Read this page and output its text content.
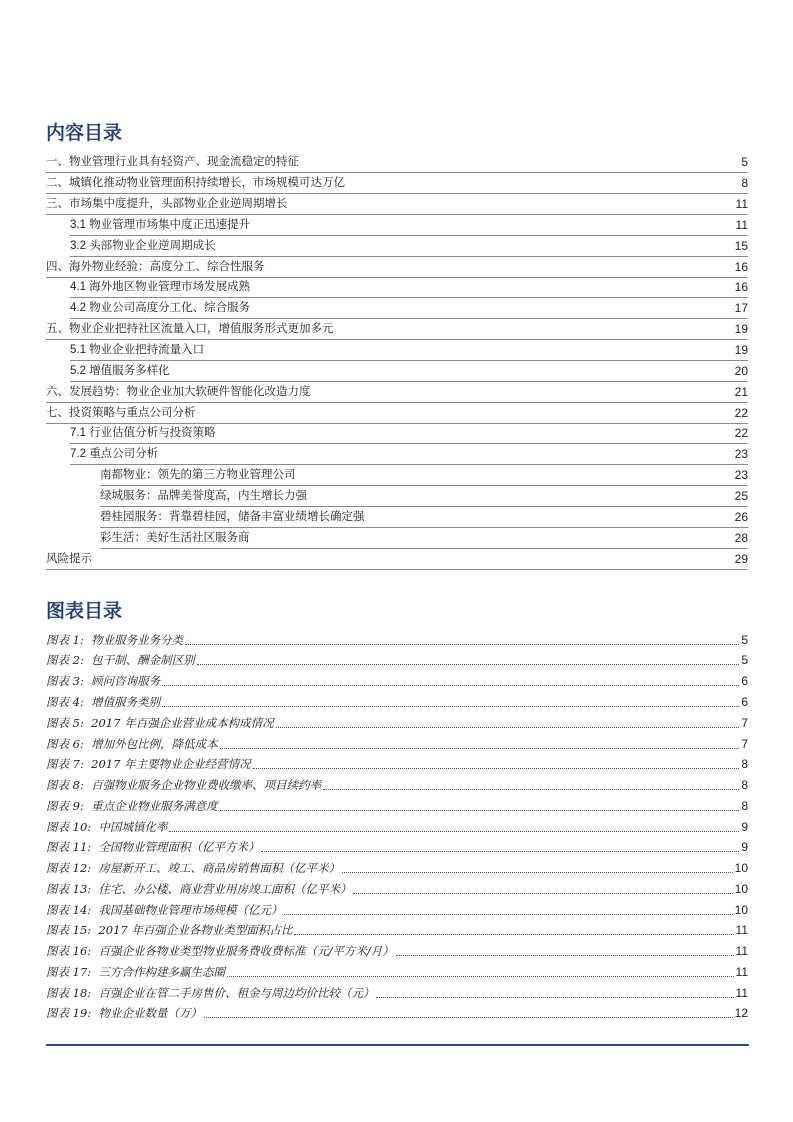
内容目录
一、物业管理行业具有轻资产、现金流稳定的特征	5
二、城镇化推动物业管理面积持续增长，市场规模可达万亿	8
三、市场集中度提升，头部物业企业逆周期增长	11
3.1 物业管理市场集中度正迅速提升	11
3.2 头部物业企业逆周期成长	15
四、海外物业经验：高度分工、综合性服务	16
4.1 海外地区物业管理市场发展成熟	16
4.2 物业公司高度分工化、综合服务	17
五、物业企业把持社区流量入口，增值服务形式更加多元	19
5.1 物业企业把持流量入口	19
5.2 增值服务多样化	20
六、发展趋势：物业企业加大软硬件智能化改造力度	21
七、投资策略与重点公司分析	22
7.1 行业估值分析与投资策略	22
7.2 重点公司分析	23
南都物业：领先的第三方物业管理公司	23
绿城服务：品牌美誉度高，内生增长力强	25
碧桂园服务：背靠碧桂园，储备丰富业绩增长确定强	26
彩生活：美好生活社区服务商	28
风险提示	29
图表目录
图表 1: 物业服务业务分类	5
图表 2: 包干制、酬金制区别	5
图表 3: 顾问咨询服务	6
图表 4: 增值服务类别	6
图表 5: 2017 年百强企业营业成本构成情况	7
图表 6: 增加外包比例，降低成本	7
图表 7: 2017 年主要物业企业经营情况	8
图表 8: 百强物业服务企业物业费收缴率、项目续约率	8
图表 9: 重点企业物业服务满意度	8
图表 10: 中国城镇化率	9
图表 11: 全国物业管理面积（亿平方米）	9
图表 12: 房屋新开工、竣工、商品房销售面积（亿平米）	10
图表 13: 住宅、办公楼、商业营业用房竣工面积（亿平米）	10
图表 14: 我国基础物业管理市场规模（亿元）	10
图表 15: 2017 年百强企业各物业类型面积占比	11
图表 16: 百强企业各物业类型物业服务费收费标准（元/平方米/月）	11
图表 17: 三方合作构建多赢生态圈	11
图表 18: 百强企业在管二手房售价、租金与周边均价比较（元）	11
图表 19: 物业企业数量（万）	12
